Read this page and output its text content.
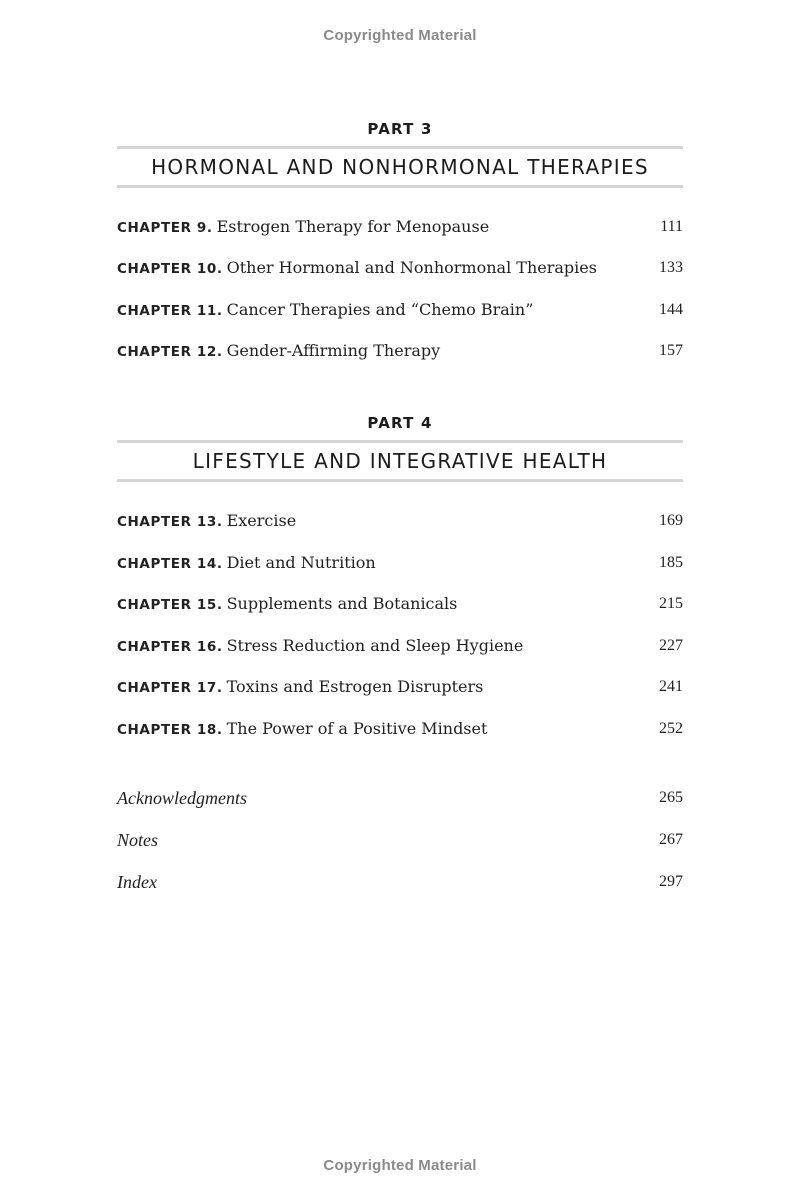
Copyrighted Material
PART 3
HORMONAL AND NONHORMONAL THERAPIES
CHAPTER 9. Estrogen Therapy for Menopause	111
CHAPTER 10. Other Hormonal and Nonhormonal Therapies	133
CHAPTER 11. Cancer Therapies and “Chemo Brain”	144
CHAPTER 12. Gender-Affirming Therapy	157
PART 4
LIFESTYLE AND INTEGRATIVE HEALTH
CHAPTER 13. Exercise	169
CHAPTER 14. Diet and Nutrition	185
CHAPTER 15. Supplements and Botanicals	215
CHAPTER 16. Stress Reduction and Sleep Hygiene	227
CHAPTER 17. Toxins and Estrogen Disrupters	241
CHAPTER 18. The Power of a Positive Mindset	252
Acknowledgments	265
Notes	267
Index	297
Copyrighted Material
